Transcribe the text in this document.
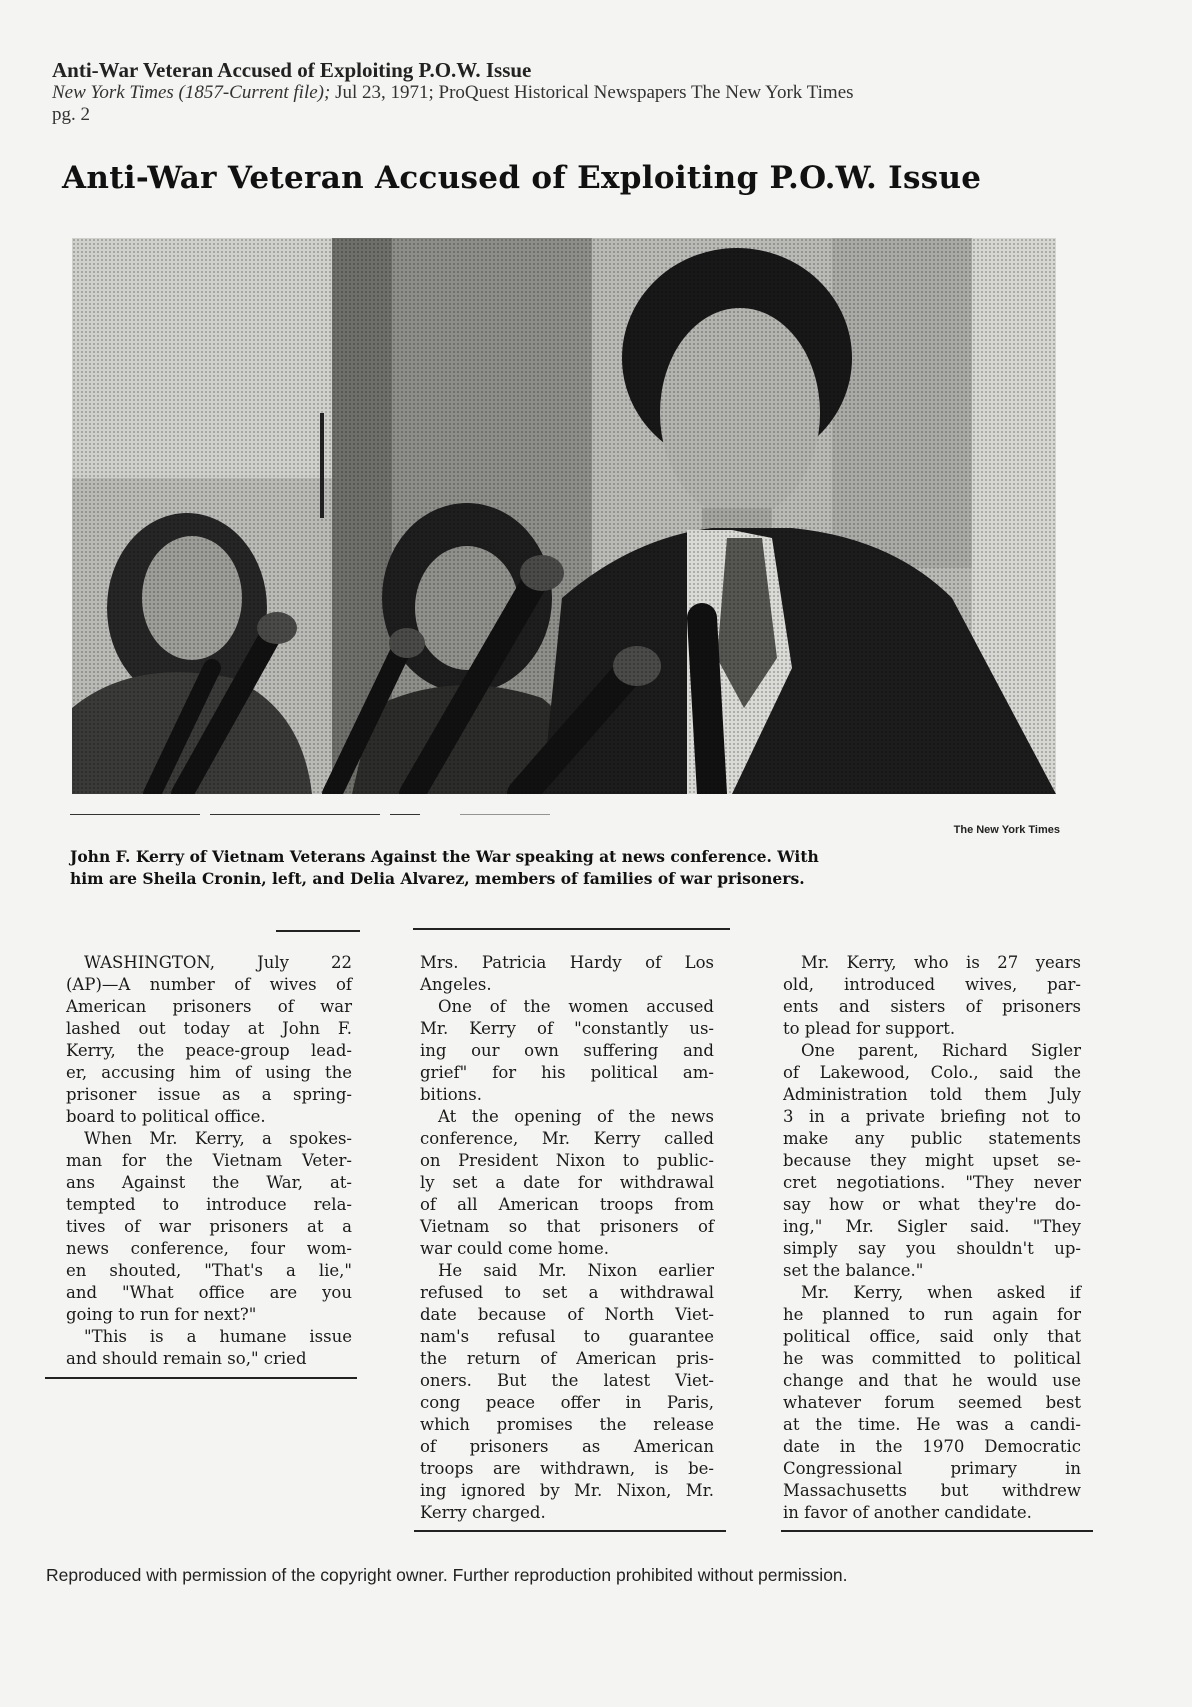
Anti-War Veteran Accused of Exploiting P.O.W. Issue
New York Times (1857-Current file); Jul 23, 1971; ProQuest Historical Newspapers The New York Times
pg. 2
Anti-War Veteran Accused of Exploiting P.O.W. Issue
The New York Times
John F. Kerry of Vietnam Veterans Against the War speaking at news conference. With
him are Sheila Cronin, left, and Delia Alvarez, members of families of war prisoners.
WASHINGTON, July 22
(AP)—A number of wives of
American prisoners of war
lashed out today at John F.
Kerry, the peace-group lead-
er, accusing him of using the
prisoner issue as a spring-
board to political office.
When Mr. Kerry, a spokes-
man for the Vietnam Veter-
ans Against the War, at-
tempted to introduce rela-
tives of war prisoners at a
news conference, four wom-
en shouted, "That's a lie,"
and "What office are you
going to run for next?"
"This is a humane issue
and should remain so," cried
Mrs. Patricia Hardy of Los
Angeles.
One of the women accused
Mr. Kerry of "constantly us-
ing our own suffering and
grief" for his political am-
bitions.
At the opening of the news
conference, Mr. Kerry called
on President Nixon to public-
ly set a date for withdrawal
of all American troops from
Vietnam so that prisoners of
war could come home.
He said Mr. Nixon earlier
refused to set a withdrawal
date because of North Viet-
nam's refusal to guarantee
the return of American pris-
oners. But the latest Viet-
cong peace offer in Paris,
which promises the release
of prisoners as American
troops are withdrawn, is be-
ing ignored by Mr. Nixon, Mr.
Kerry charged.
Mr. Kerry, who is 27 years
old, introduced wives, par-
ents and sisters of prisoners
to plead for support.
One parent, Richard Sigler
of Lakewood, Colo., said the
Administration told them July
3 in a private briefing not to
make any public statements
because they might upset se-
cret negotiations. "They never
say how or what they're do-
ing," Mr. Sigler said. "They
simply say you shouldn't up-
set the balance."
Mr. Kerry, when asked if
he planned to run again for
political office, said only that
he was committed to political
change and that he would use
whatever forum seemed best
at the time. He was a candi-
date in the 1970 Democratic
Congressional primary in
Massachusetts but withdrew
in favor of another candidate.
Reproduced with permission of the copyright owner. Further reproduction prohibited without permission.
